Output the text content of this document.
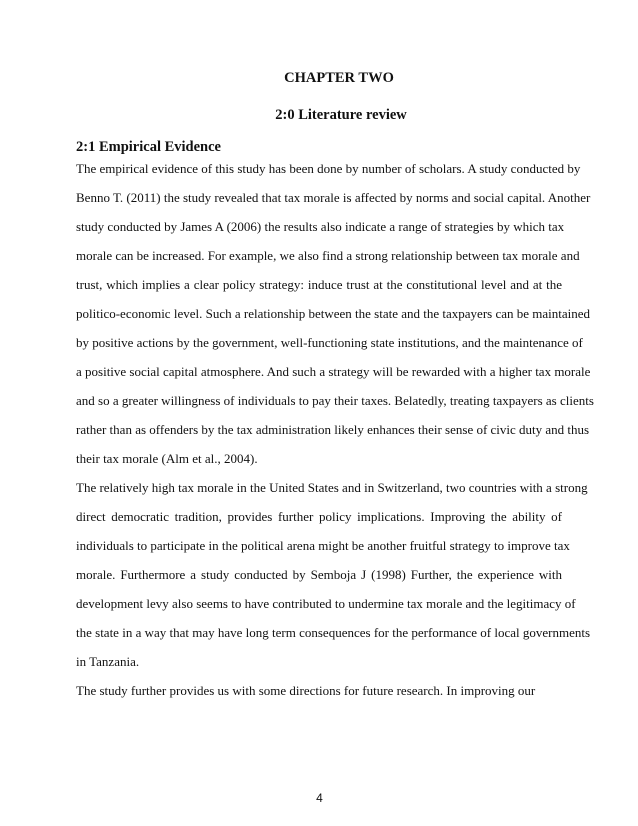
CHAPTER TWO
2:0 Literature review
2:1 Empirical Evidence
The empirical evidence of this study has been done by number of scholars. A study conducted by
Benno T. (2011) the study revealed that tax morale is affected by norms and social capital. Another
study conducted by James A (2006) the results also indicate a range of strategies by which tax
morale can be increased. For example, we also find a strong relationship between tax morale and
trust, which implies a clear policy strategy: induce trust at the constitutional level and at the
politico-economic level. Such a relationship between the state and the taxpayers can be maintained
by positive actions by the government, well-functioning state institutions, and the maintenance of
a positive social capital atmosphere. And such a strategy will be rewarded with a higher tax morale
and so a greater willingness of individuals to pay their taxes. Belatedly, treating taxpayers as clients
rather than as offenders by the tax administration likely enhances their sense of civic duty and thus
their tax morale (Alm et al., 2004).
The relatively high tax morale in the United States and in Switzerland, two countries with a strong
direct democratic tradition, provides further policy implications. Improving the ability of
individuals to participate in the political arena might be another fruitful strategy to improve tax
morale. Furthermore a study conducted by Semboja J (1998) Further, the experience with
development levy also seems to have contributed to undermine tax morale and the legitimacy of
the state in a way that may have long term consequences for the performance of local governments
in Tanzania.
The study further provides us with some directions for future research. In improving our
4
